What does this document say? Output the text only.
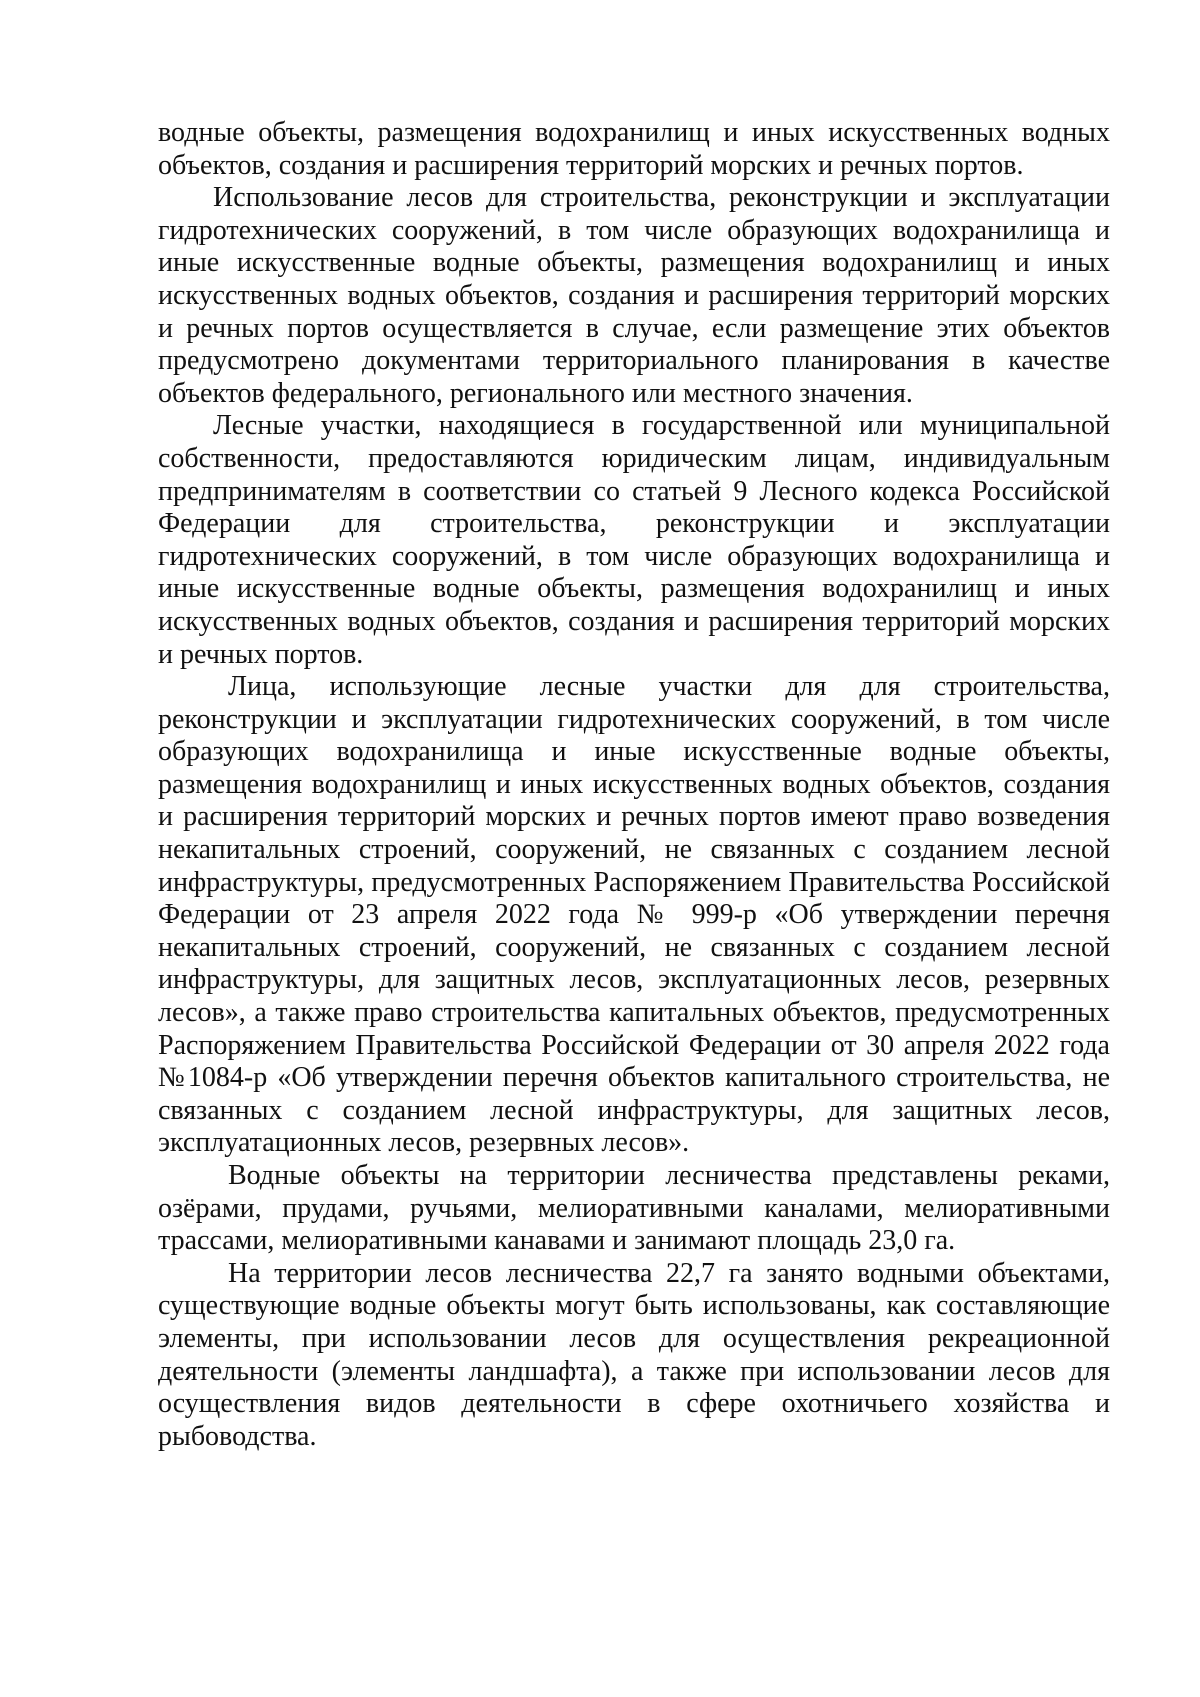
водные объекты, размещения водохранилищ и иных искусственных водных объектов, создания и расширения территорий морских и речных портов.

Использование лесов для строительства, реконструкции и эксплуатации гидротехнических сооружений, в том числе образующих водохранилища и иные искусственные водные объекты, размещения водохранилищ и иных искусственных водных объектов, создания и расширения территорий морских и речных портов осуществляется в случае, если размещение этих объектов предусмотрено документами территориального планирования в качестве объектов федерального, регионального или местного значения.

Лесные участки, находящиеся в государственной или муниципальной собственности, предоставляются юридическим лицам, индивидуальным предпринимателям в соответствии со статьей 9 Лесного кодекса Российской Федерации для строительства, реконструкции и эксплуатации гидротехнических сооружений, в том числе образующих водохранилища и иные искусственные водные объекты, размещения водохранилищ и иных искусственных водных объектов, создания и расширения территорий морских и речных портов.

Лица, использующие лесные участки для для строительства, реконструкции и эксплуатации гидротехнических сооружений, в том числе образующих водохранилища и иные искусственные водные объекты, размещения водохранилищ и иных искусственных водных объектов, создания и расширения территорий морских и речных портов имеют право возведения некапитальных строений, сооружений, не связанных с созданием лесной инфраструктуры, предусмотренных Распоряжением Правительства Российской Федерации от 23 апреля 2022 года № 999-р «Об утверждении перечня некапитальных строений, сооружений, не связанных с созданием лесной инфраструктуры, для защитных лесов, эксплуатационных лесов, резервных лесов», а также право строительства капитальных объектов, предусмотренных Распоряжением Правительства Российской Федерации от 30 апреля 2022 года №1084-р «Об утверждении перечня объектов капитального строительства, не связанных с созданием лесной инфраструктуры, для защитных лесов, эксплуатационных лесов, резервных лесов».

Водные объекты на территории лесничества представлены реками, озёрами, прудами, ручьями, мелиоративными каналами, мелиоративными трассами, мелиоративными канавами и занимают площадь 23,0 га.

На территории лесов лесничества 22,7 га занято водными объектами, существующие водные объекты могут быть использованы, как составляющие элементы, при использовании лесов для осуществления рекреационной деятельности (элементы ландшафта), а также при использовании лесов для осуществления видов деятельности в сфере охотничьего хозяйства и рыбоводства.
